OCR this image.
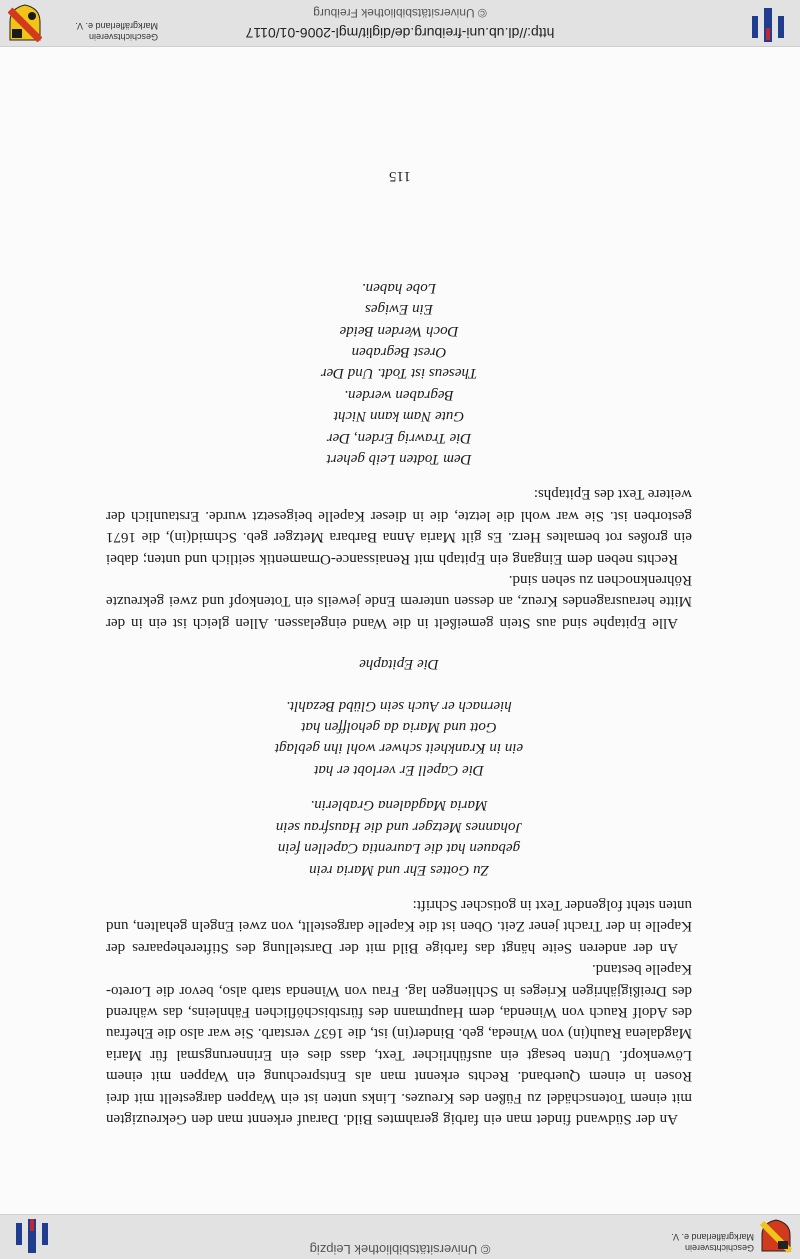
Geschichtsverein
Markgräflerland e. V.
© Universitätsbibliothek Leipzig

An der Südwand findet man ein farbig gerahmtes Bild. Darauf erkennt man den Gekreuzigten mit einem Totenschädel zu Füßen des Kreuzes. Links unten ist ein Wappen dargestellt mit drei Rosen in einem Querband. Rechts erkennt man als Entsprechung ein Wappen mit einem Löwenkopf. Unten besagt ein ausführlicher Text, dass dies ein Erinnerungsmal für Maria Magdalena Rauh(in) von Wineda, geb. Binder(in) ist, die 1637 verstarb. Sie war also die Ehefrau des Adolf Rauch von Winenda, dem Hauptmann des fürstbischöflichen Fähnleins, das während des Dreißigjährigen Krieges in Schliengen lag. Frau von Winenda starb also, bevor die Loreto-Kapelle bestand.

An der anderen Seite hängt das farbige Bild mit der Darstellung des Stifterehepaares der Kapelle in der Tracht jener Zeit. Oben ist die Kapelle dargestellt, von zwei Engeln gehalten, und unten steht folgender Text in gotischer Schrift:

Zu Gottes Ehr und Maria rein
gebauen hat die Laurentia Capellen fein
Johannes Metzger und die Hausfrau sein
Maria Magdalena Grablerin.
Die Capell Er verlobt er hat
ein in Krankheit schwer wohl ihn geblagt
Gott und Maria da geholffen hat
hiernach er Auch sein Glübd Bezahlt.

Die Epitaphe

Alle Epitaphe sind aus Stein gemeißelt in die Wand eingelassen. Allen gleich ist ein in der Mitte herausragendes Kreuz, an dessen unterem Ende jeweils ein Totenkopf und zwei gekreuzte Röhrenknochen zu sehen sind.

Rechts neben dem Eingang ein Epitaph mit Renaissance-Ornamentik seitlich und unten; dabei ein großes rot bemaltes Herz. Es gilt Maria Anna Barbara Metzger geb. Schmid(in), die 1671 gestorben ist. Sie war wohl die letzte, die in dieser Kapelle beigesetzt wurde. Erstaunlich der weitere Text des Epitaphs:

Dem Todten Leib gehert
Die Trawrig Erden, Der
Gute Nam kann Nicht
Begraben werden.
Theseus ist Todt. Und Der
Orest Begraben
Doch Werden Beide
Ein Ewiges
Lobe haben.
115
http://dl.ub.uni-freiburg.de/diglit/mgl-2006-01/0117
© Universitätsbibliothek Freiburg
Geschichtsverein
Markgräflerland e. V.
